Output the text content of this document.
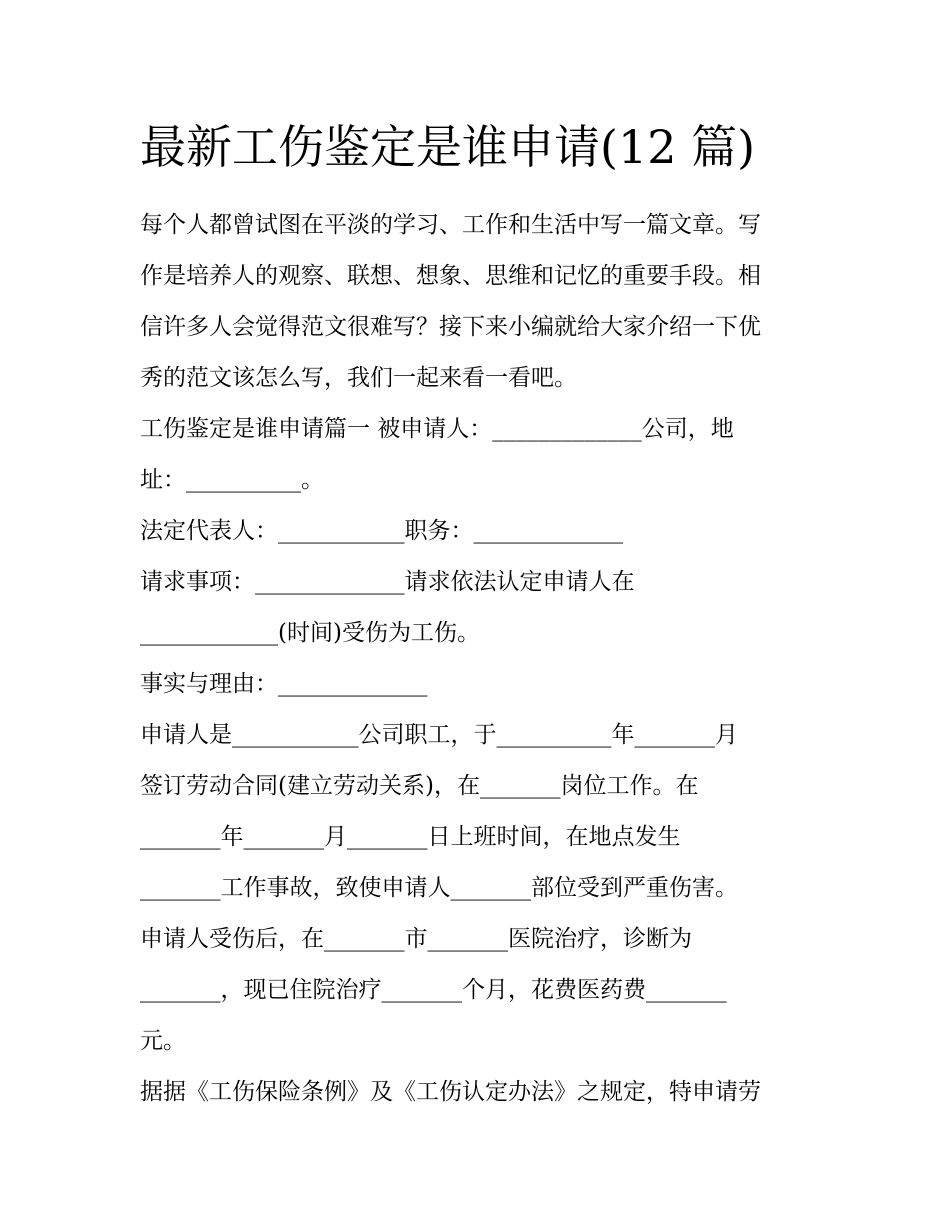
最新工伤鉴定是谁申请(12 篇)

每个人都曾试图在平淡的学习、工作和生活中写一篇文章。写

作是培养人的观察、联想、想象、思维和记忆的重要手段。相

信许多人会觉得范文很难写？接下来小编就给大家介绍一下优

秀的范文该怎么写，我们一起来看一看吧。

工伤鉴定是谁申请篇一 被申请人：_____________公司，地

址：__________。

法定代表人：___________职务：_____________

请求事项：_____________请求依法认定申请人在

____________(时间)受伤为工伤。

事实与理由：_____________

申请人是___________公司职工，于__________年_______月

签订劳动合同(建立劳动关系)，在_______岗位工作。在

_______年_______月_______日上班时间，在地点发生

_______工作事故，致使申请人_______部位受到严重伤害。

申请人受伤后，在_______市_______医院治疗，诊断为

_______，现已住院治疗_______个月，花费医药费_______

元。

据据《工伤保险条例》及《工伤认定办法》之规定，特申请劳
